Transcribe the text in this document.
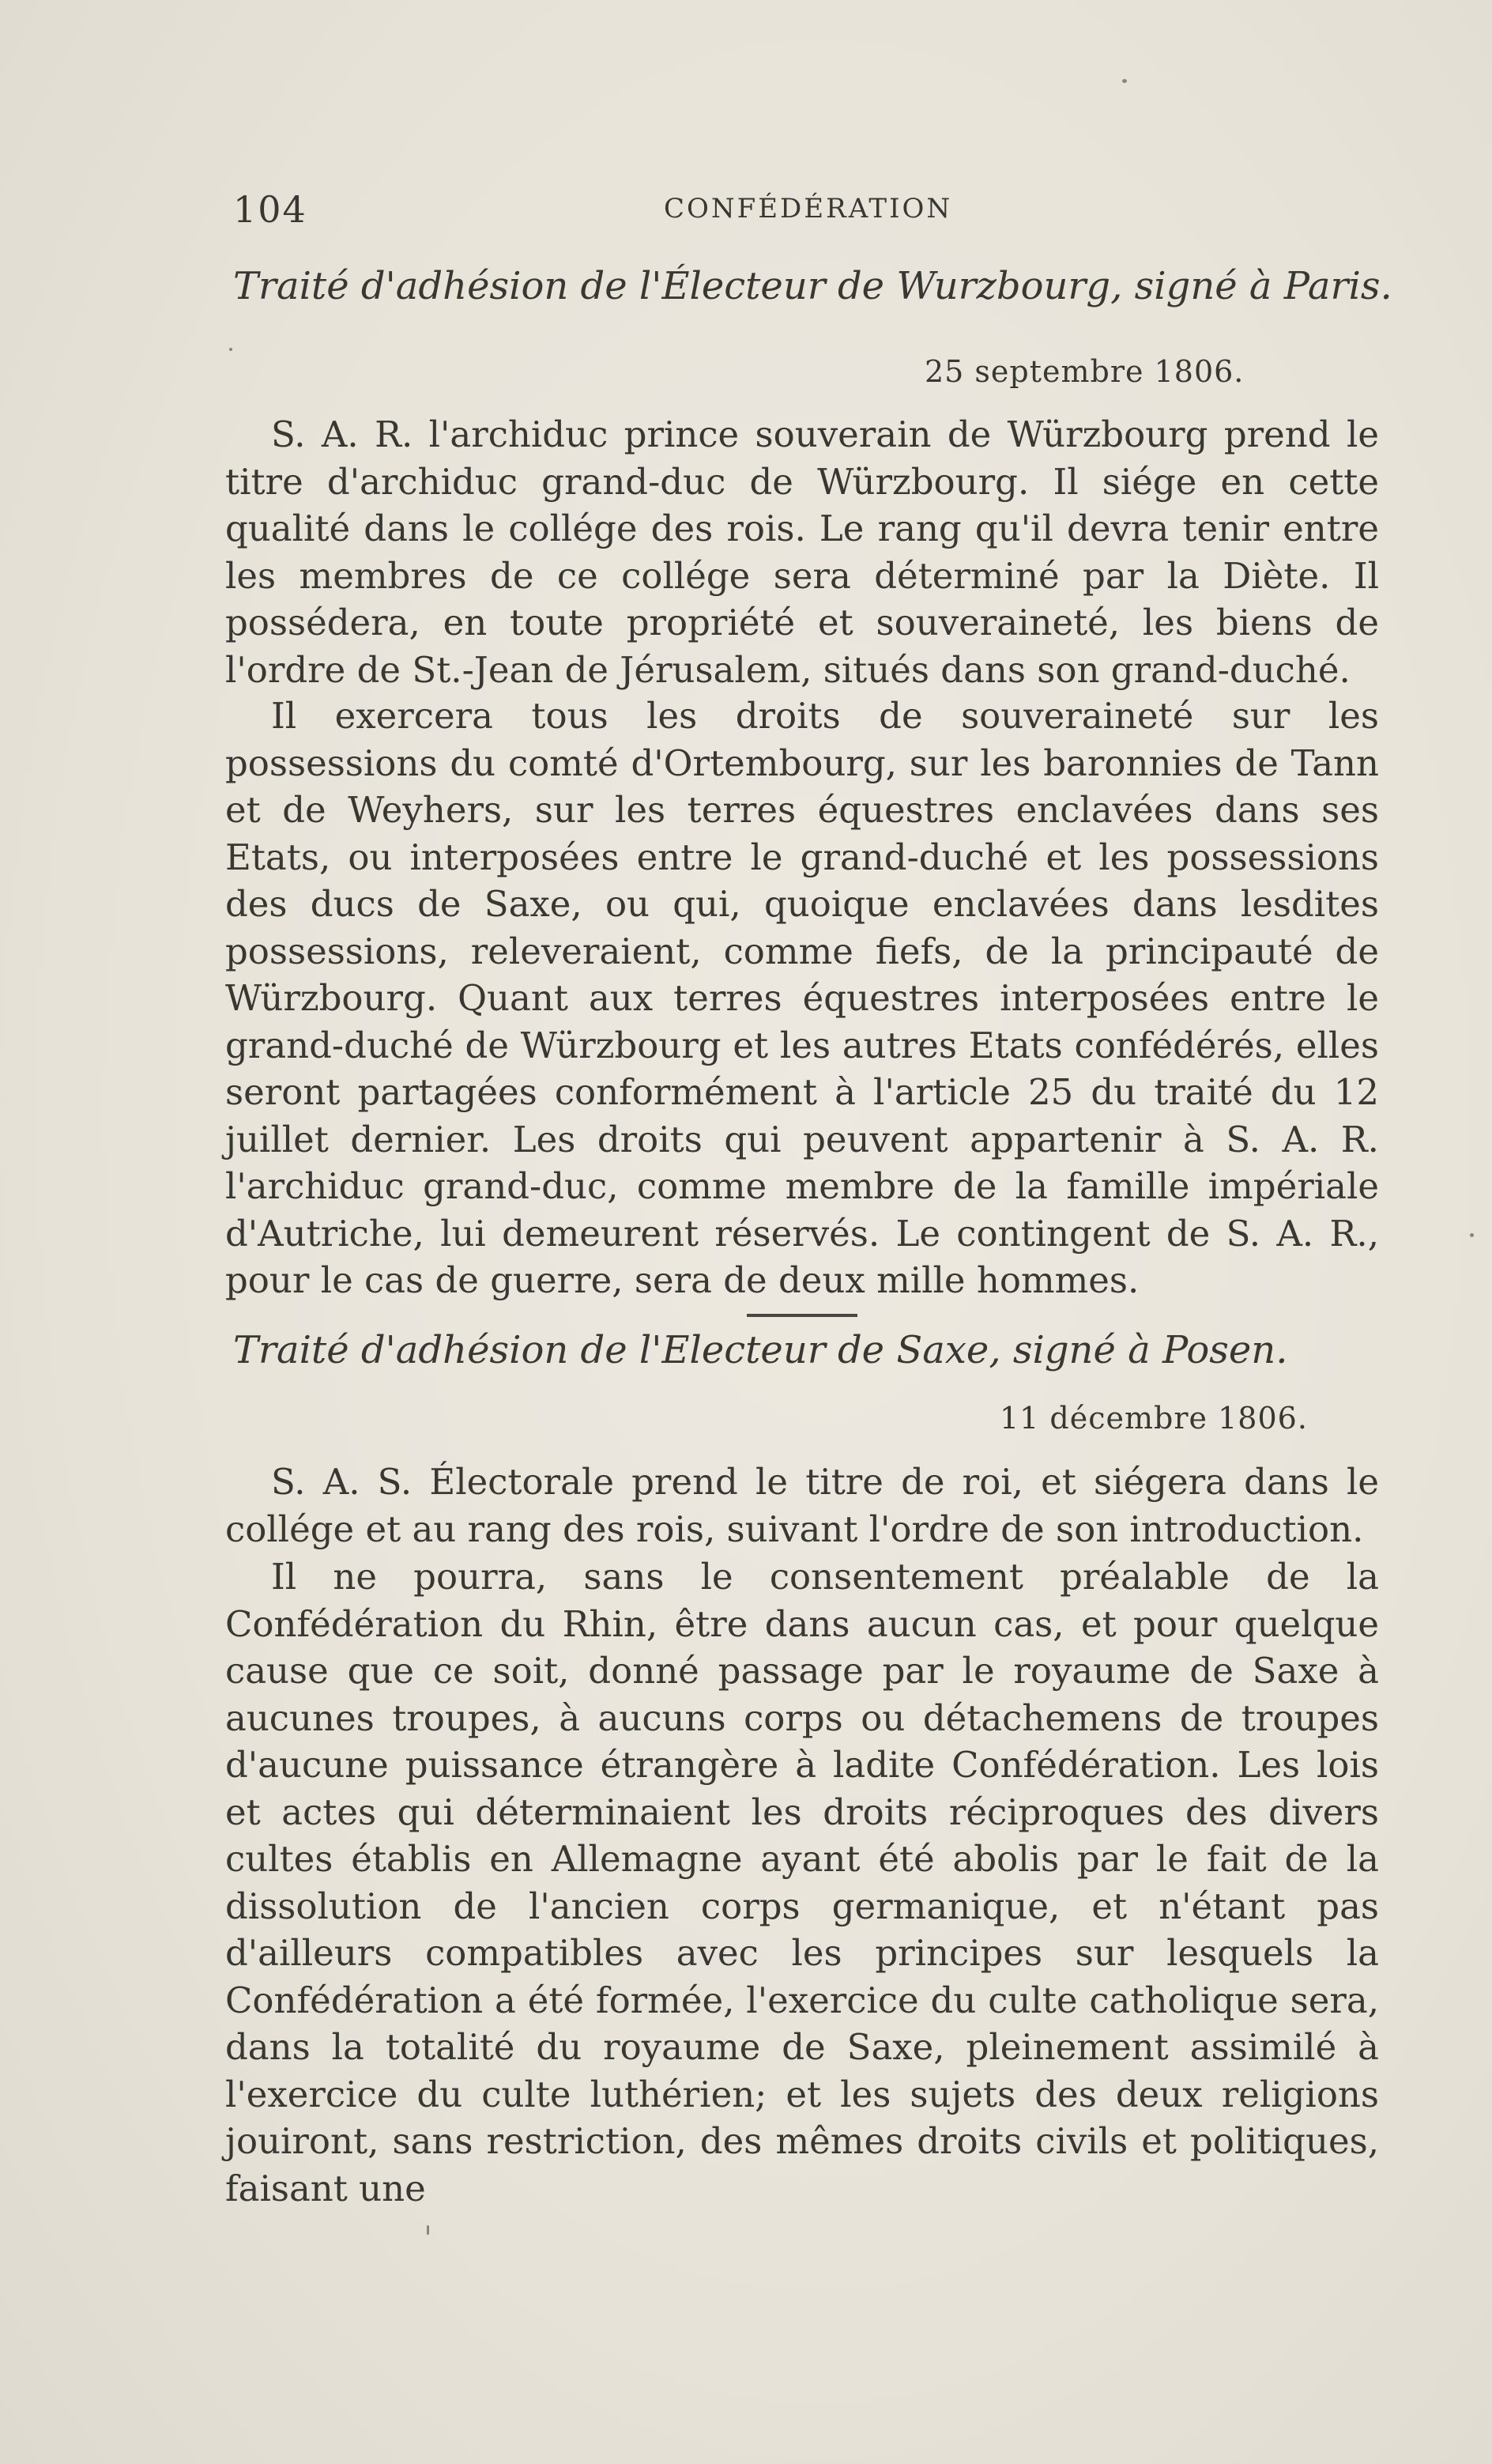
104	CONFÉDÉRATION
Traité d'adhésion de l'Électeur de Wurzbourg, signé à Paris.
25 septembre 1806.

S. A. R. l'archiduc prince souverain de Würzbourg prend le titre d'archiduc grand-duc de Würzbourg. Il siége en cette qualité dans le collége des rois. Le rang qu'il devra tenir entre les membres de ce collége sera déterminé par la Diète. Il possédera, en toute propriété et souveraineté, les biens de l'ordre de St.-Jean de Jérusalem, situés dans son grand-duché.

Il exercera tous les droits de souveraineté sur les possessions du comté d'Ortembourg, sur les baronnies de Tann et de Weyhers, sur les terres équestres enclavées dans ses Etats, ou interposées entre le grand-duché et les possessions des ducs de Saxe, ou qui, quoique enclavées dans lesdites possessions, releveraient, comme fiefs, de la principauté de Würzbourg. Quant aux terres équestres interposées entre le grand-duché de Würzbourg et les autres Etats confédérés, elles seront partagées conformément à l'article 25 du traité du 12 juillet dernier. Les droits qui peuvent appartenir à S. A. R. l'archiduc grand-duc, comme membre de la famille impériale d'Autriche, lui demeurent réservés. Le contingent de S. A. R., pour le cas de guerre, sera de deux mille hommes.

Traité d'adhésion de l'Electeur de Saxe, signé à Posen.
11 décembre 1806.

S. A. S. Électorale prend le titre de roi, et siégera dans le collége et au rang des rois, suivant l'ordre de son introduction.

Il ne pourra, sans le consentement préalable de la Confédération du Rhin, être dans aucun cas, et pour quelque cause que ce soit, donné passage par le royaume de Saxe à aucunes troupes, à aucuns corps ou détachemens de troupes d'aucune puissance étrangère à ladite Confédération. Les lois et actes qui déterminaient les droits réciproques des divers cultes établis en Allemagne ayant été abolis par le fait de la dissolution de l'ancien corps germanique, et n'étant pas d'ailleurs compatibles avec les principes sur lesquels la Confédération a été formée, l'exercice du culte catholique sera, dans la totalité du royaume de Saxe, pleinement assimilé à l'exercice du culte luthérien; et les sujets des deux religions jouiront, sans restriction, des mêmes droits civils et politiques, faisant une
